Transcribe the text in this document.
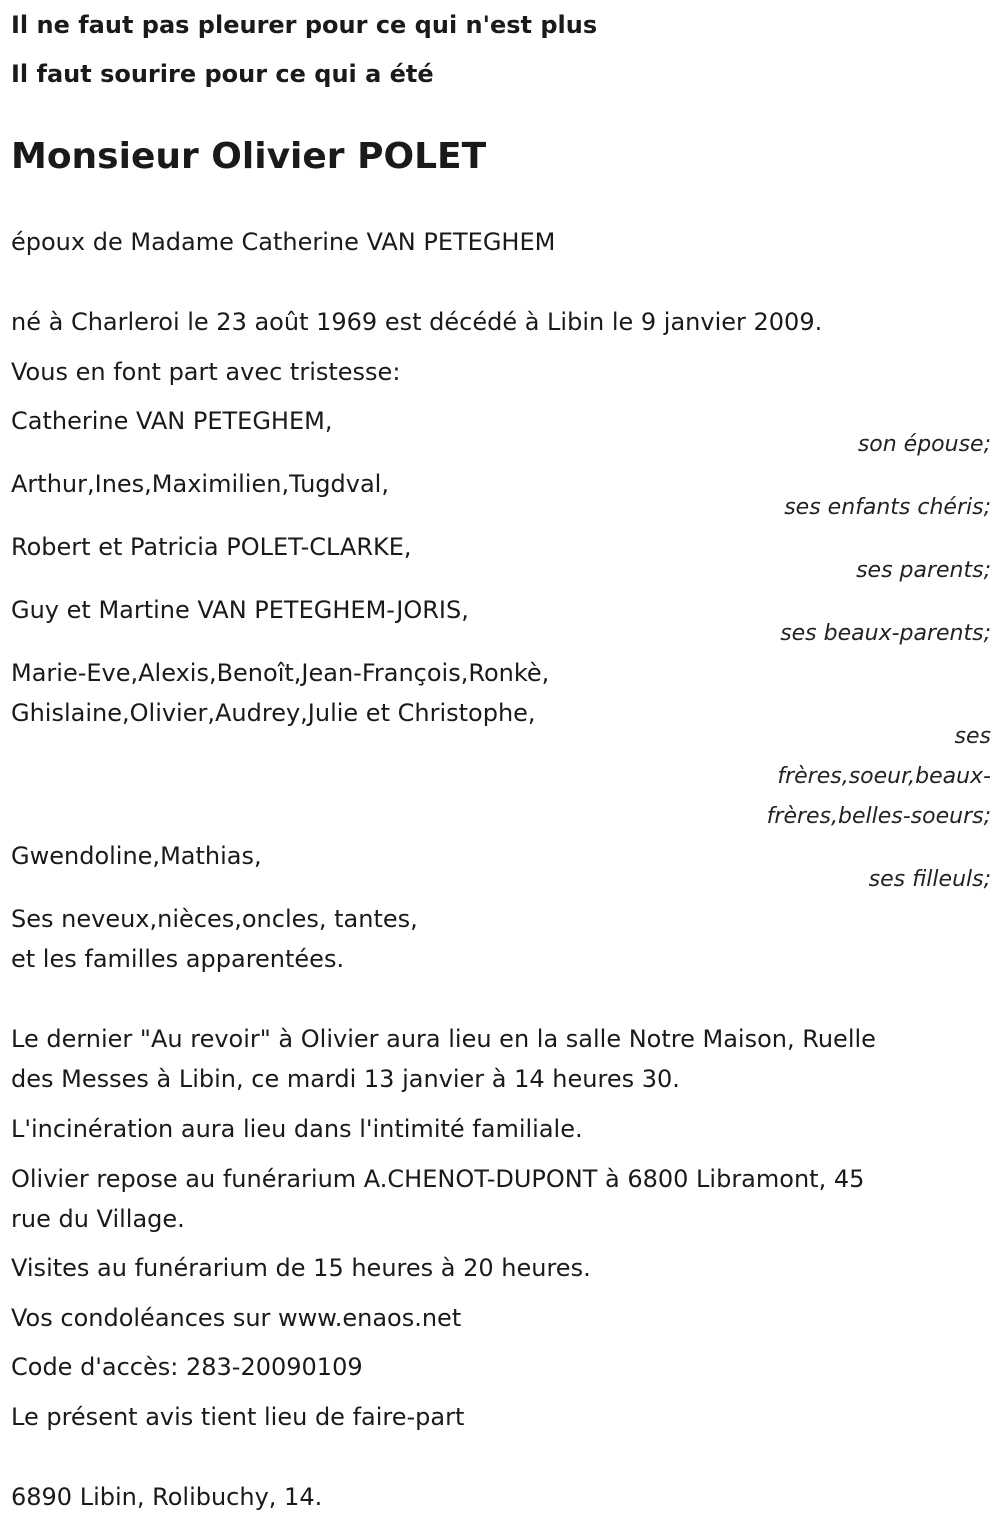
Il ne faut pas pleurer pour ce qui n'est plus

Il faut sourire pour ce qui a été

Monsieur Olivier POLET
époux de Madame Catherine VAN PETEGHEM
né à Charleroi le 23 août 1969 est décédé à Libin le 9 janvier 2009.
Vous en font part avec tristesse:
Catherine VAN PETEGHEM,
son épouse;
Arthur,Ines,Maximilien,Tugdval,
ses enfants chéris;
Robert et Patricia POLET-CLARKE,
ses parents;
Guy et Martine VAN PETEGHEM-JORIS,
ses beaux-parents;
Marie-Eve,Alexis,Benoît,Jean-François,Ronkè,
Ghislaine,Olivier,Audrey,Julie et Christophe,
ses
frères,soeur,beaux-
frères,belles-soeurs;
Gwendoline,Mathias,
ses filleuls;
Ses neveux,nièces,oncles, tantes,
et les familles apparentées.
Le dernier "Au revoir" à Olivier aura lieu en la salle Notre Maison, Ruelle
des Messes à Libin, ce mardi 13 janvier à 14 heures 30.
L'incinération aura lieu dans l'intimité familiale.
Olivier repose au funérarium A.CHENOT-DUPONT à 6800 Libramont, 45
rue du Village.
Visites au funérarium de 15 heures à 20 heures.
Vos condoléances sur www.enaos.net
Code d'accès: 283-20090109
Le présent avis tient lieu de faire-part
6890 Libin, Rolibuchy, 14.
